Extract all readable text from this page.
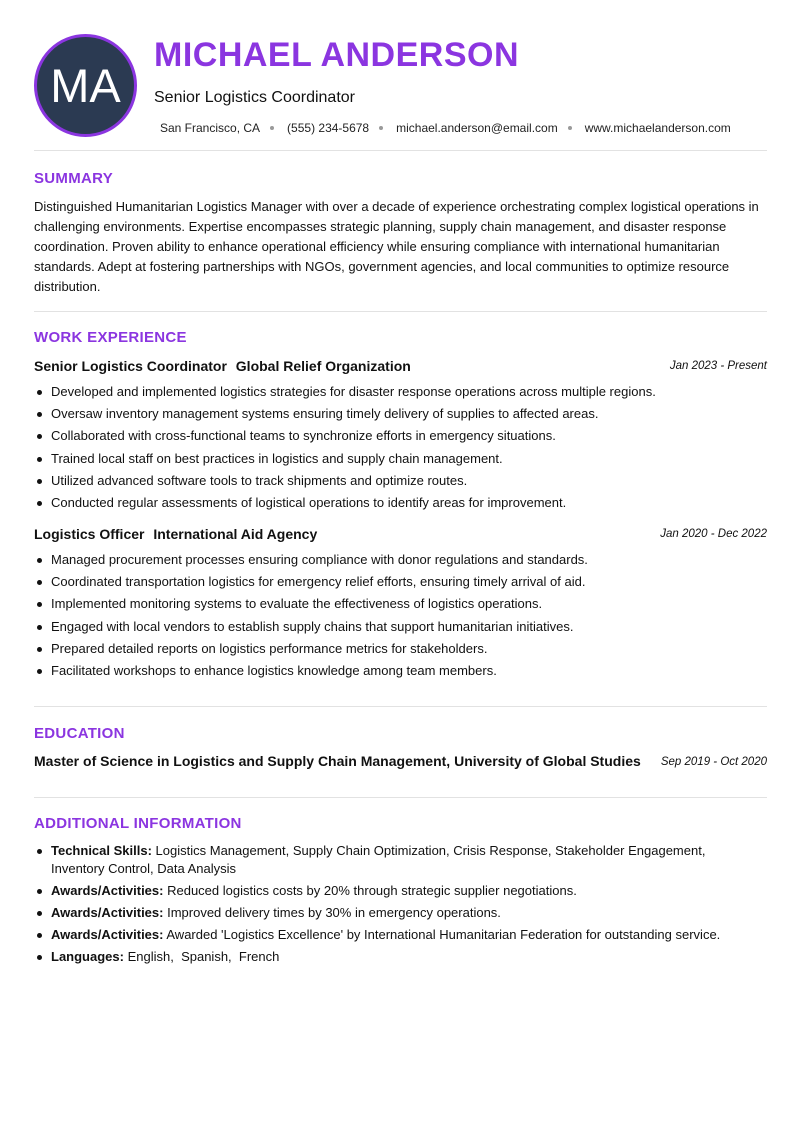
MA
MICHAEL ANDERSON
Senior Logistics Coordinator
San Francisco, CA (555) 234-5678 michael.anderson@email.com www.michaelanderson.com
SUMMARY
Distinguished Humanitarian Logistics Manager with over a decade of experience orchestrating complex logistical operations in challenging environments. Expertise encompasses strategic planning, supply chain management, and disaster response coordination. Proven ability to enhance operational efficiency while ensuring compliance with international humanitarian standards. Adept at fostering partnerships with NGOs, government agencies, and local communities to optimize resource distribution.
WORK EXPERIENCE
Senior Logistics Coordinator Global Relief Organization	Jan 2023 - Present
Developed and implemented logistics strategies for disaster response operations across multiple regions.
Oversaw inventory management systems ensuring timely delivery of supplies to affected areas.
Collaborated with cross-functional teams to synchronize efforts in emergency situations.
Trained local staff on best practices in logistics and supply chain management.
Utilized advanced software tools to track shipments and optimize routes.
Conducted regular assessments of logistical operations to identify areas for improvement.
Logistics Officer International Aid Agency	Jan 2020 - Dec 2022
Managed procurement processes ensuring compliance with donor regulations and standards.
Coordinated transportation logistics for emergency relief efforts, ensuring timely arrival of aid.
Implemented monitoring systems to evaluate the effectiveness of logistics operations.
Engaged with local vendors to establish supply chains that support humanitarian initiatives.
Prepared detailed reports on logistics performance metrics for stakeholders.
Facilitated workshops to enhance logistics knowledge among team members.
EDUCATION
Master of Science in Logistics and Supply Chain Management, University of Global Studies Sep 2019 - Oct 2020
ADDITIONAL INFORMATION
Technical Skills: Logistics Management, Supply Chain Optimization, Crisis Response, Stakeholder Engagement, Inventory Control, Data Analysis
Awards/Activities: Reduced logistics costs by 20% through strategic supplier negotiations.
Awards/Activities: Improved delivery times by 30% in emergency operations.
Awards/Activities: Awarded 'Logistics Excellence' by International Humanitarian Federation for outstanding service.
Languages: English,  Spanish,  French
